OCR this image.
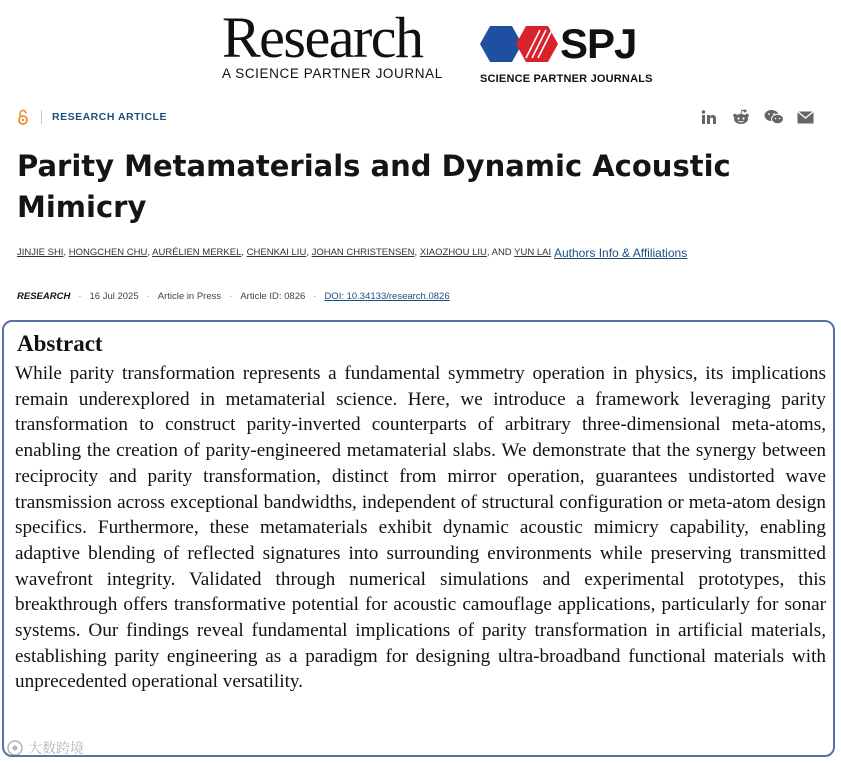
Research
A SCIENCE PARTNER JOURNAL
SPJ
SCIENCE PARTNER JOURNALS
RESEARCH ARTICLE
Parity Metamaterials and Dynamic Acoustic Mimicry
JINJIE SHI, HONGCHEN CHU, AURÉLIEN MERKEL, CHENKAI LIU, JOHAN CHRISTENSEN, XIAOZHOU LIU, AND YUN LAI Authors Info & Affiliations
RESEARCH · 16 Jul 2025 · Article in Press · Article ID: 0826 · DOI: 10.34133/research.0826
Abstract

While parity transformation represents a fundamental symmetry operation in physics, its implications remain underexplored in metamaterial science. Here, we introduce a framework leveraging parity transformation to construct parity-inverted counterparts of arbitrary three-dimensional meta-atoms, enabling the creation of parity-engineered metamaterial slabs. We demonstrate that the synergy between reciprocity and parity transformation, distinct from mirror operation, guarantees undistorted wave transmission across exceptional bandwidths, independent of structural configuration or meta-atom design specifics. Furthermore, these metamaterials exhibit dynamic acoustic mimicry capability, enabling adaptive blending of reflected signatures into surrounding environments while preserving transmitted wavefront integrity. Validated through numerical simulations and experimental prototypes, this breakthrough offers transformative potential for acoustic camouflage applications, particularly for sonar systems. Our findings reveal fundamental implications of parity transformation in artificial materials, establishing parity engineering as a paradigm for designing ultra-broadband functional materials with unprecedented operational versatility.

大数跨境
